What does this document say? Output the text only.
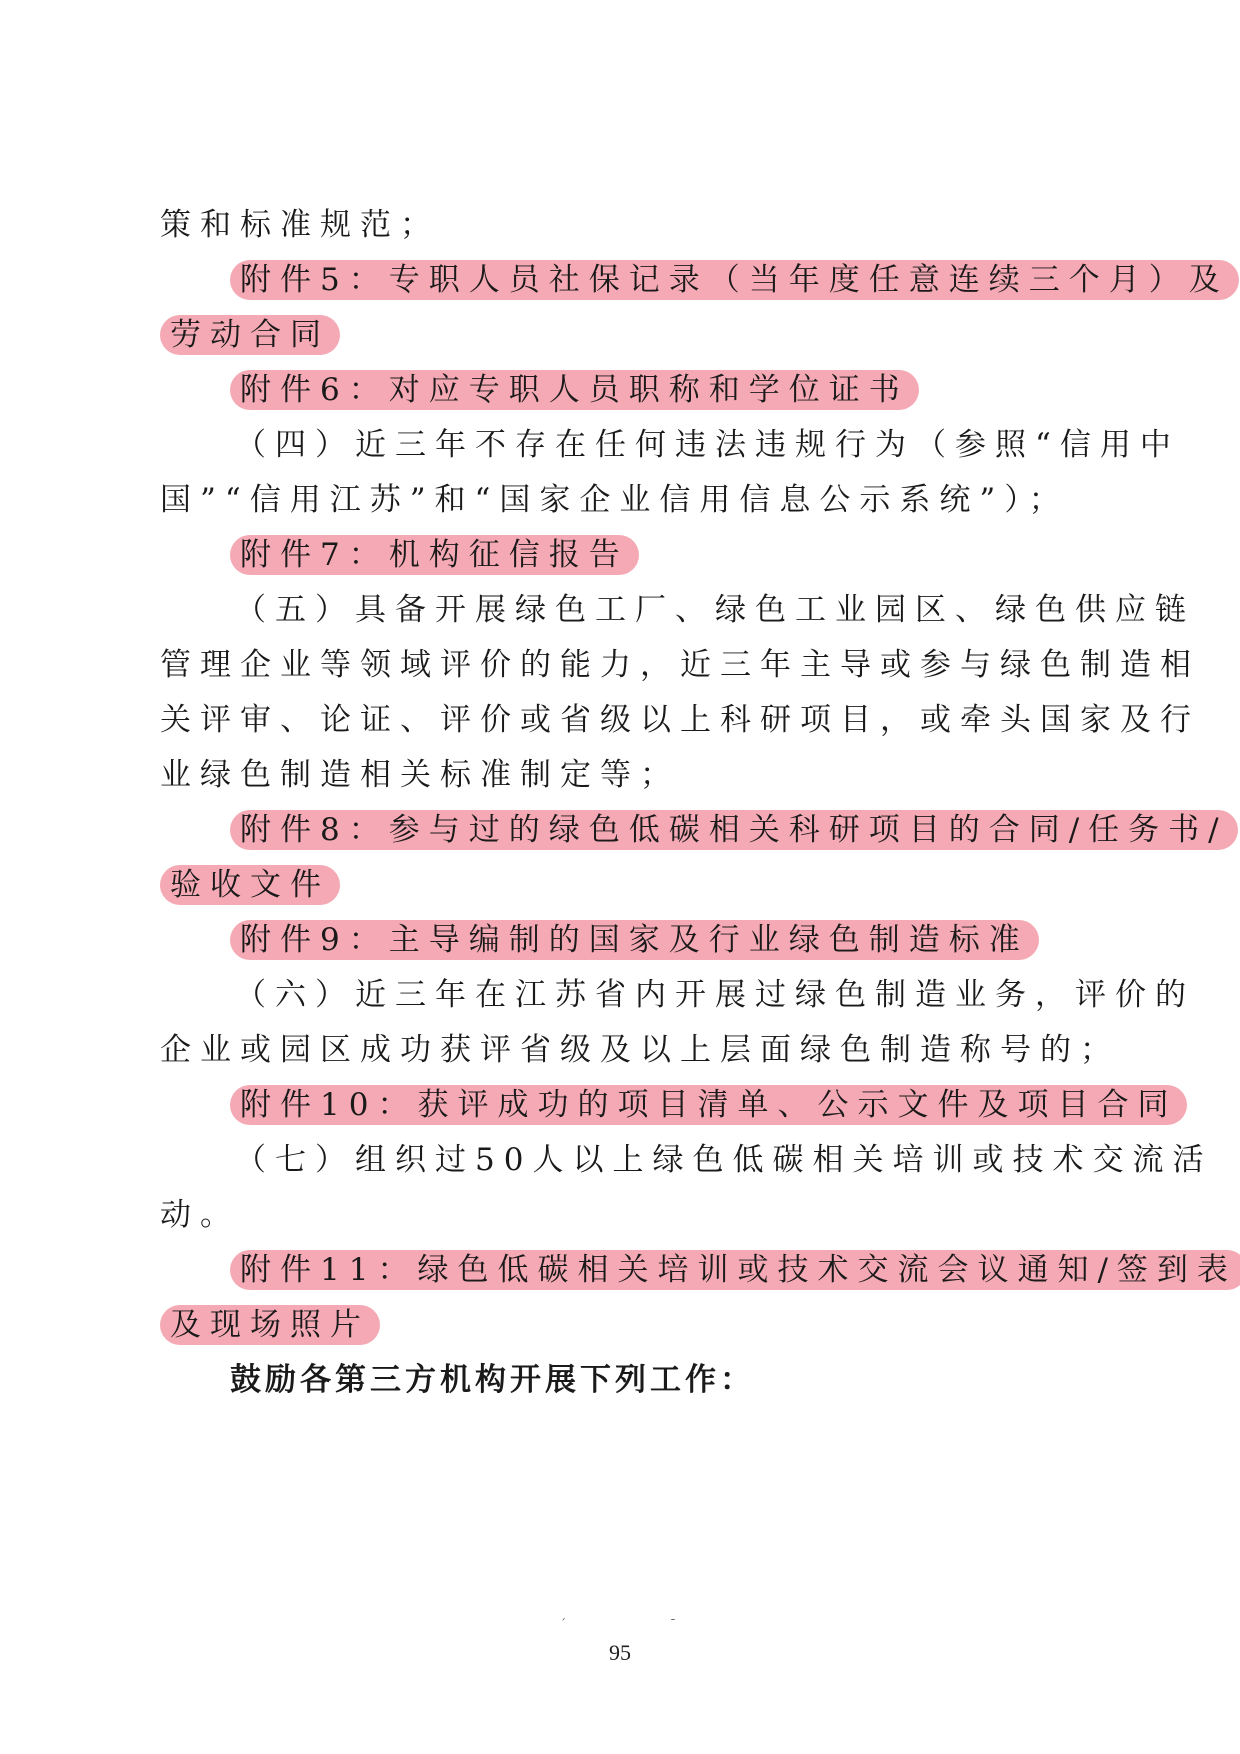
策和标准规范；
附件5：专职人员社保记录（当年度任意连续三个月）及
劳动合同
附件6：对应专职人员职称和学位证书
（四）近三年不存在任何违法违规行为（参照“信用中
国”“信用江苏”和“国家企业信用信息公示系统”）；
附件7：机构征信报告
（五）具备开展绿色工厂、绿色工业园区、绿色供应链
管理企业等领域评价的能力，近三年主导或参与绿色制造相
关评审、论证、评价或省级以上科研项目，或牵头国家及行
业绿色制造相关标准制定等；
附件8：参与过的绿色低碳相关科研项目的合同/任务书/
验收文件
附件9：主导编制的国家及行业绿色制造标准
（六）近三年在江苏省内开展过绿色制造业务，评价的
企业或园区成功获评省级及以上层面绿色制造称号的；
附件10：获评成功的项目清单、公示文件及项目合同
（七）组织过50人以上绿色低碳相关培训或技术交流活
动。
附件11：绿色低碳相关培训或技术交流会议通知/签到表
及现场照片
鼓励各第三方机构开展下列工作：
ˊ	ˉ
95
